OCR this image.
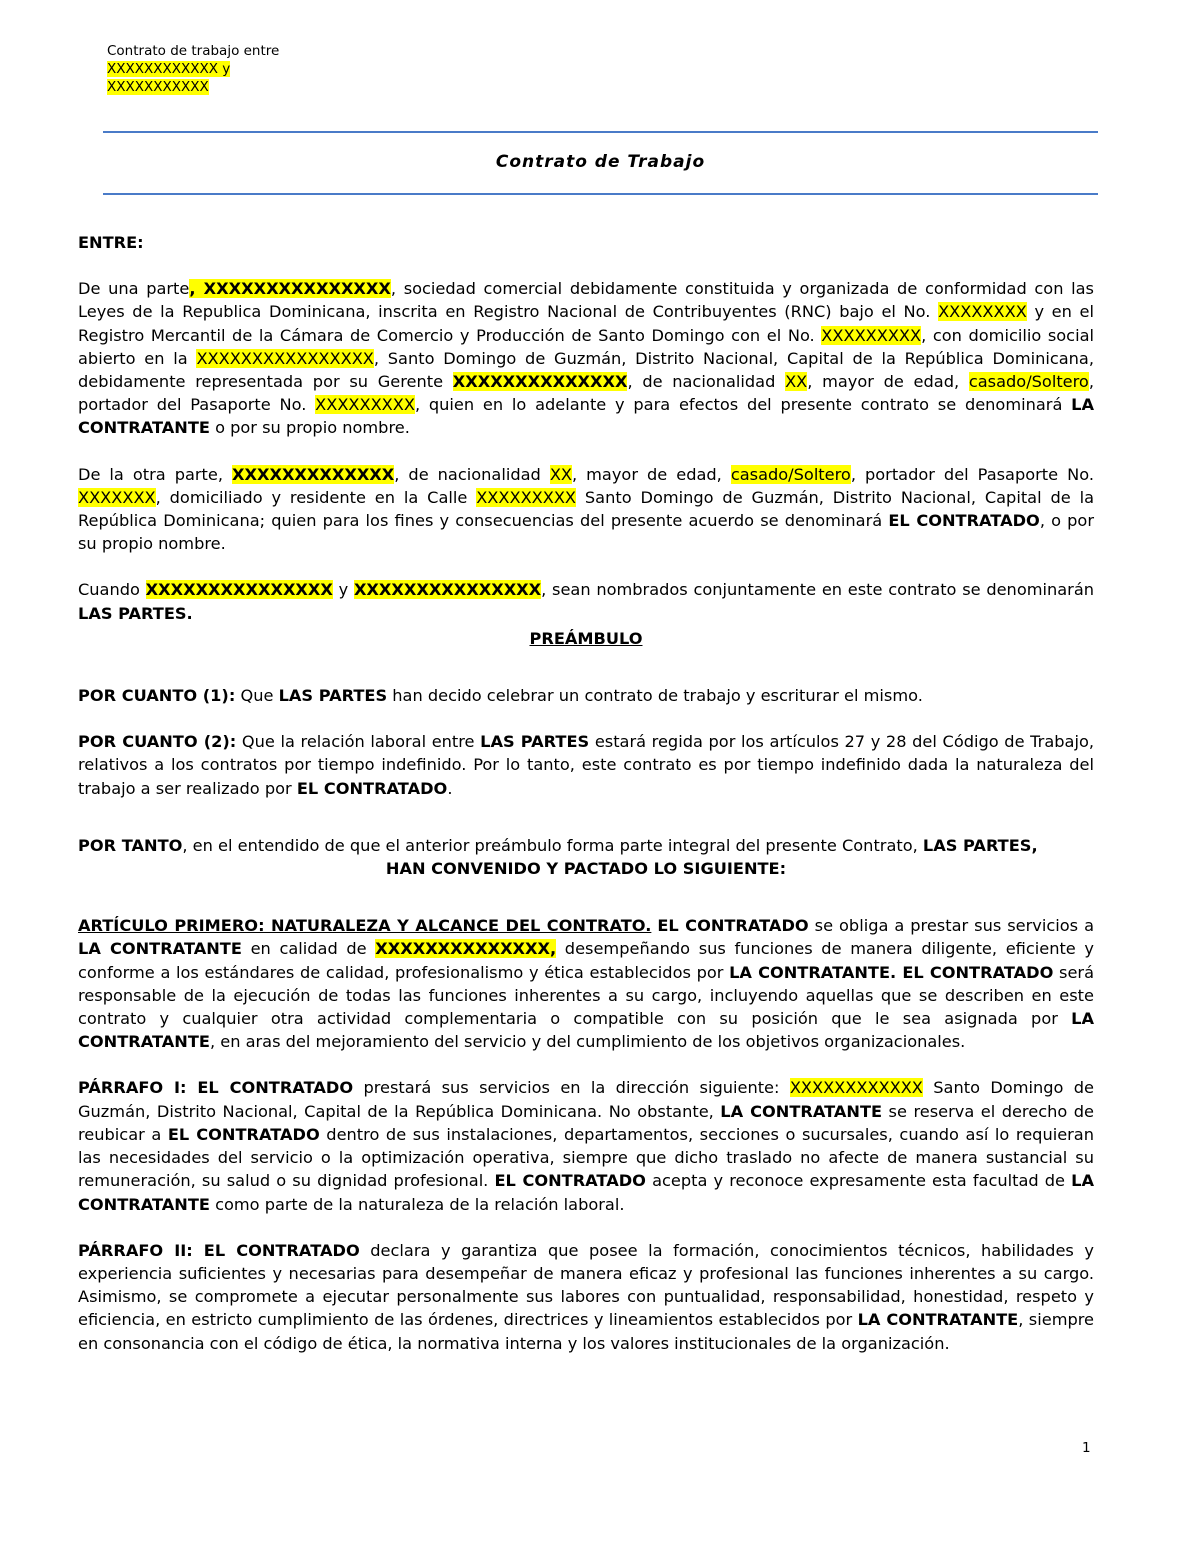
Contrato de trabajo entre
XXXXXXXXXXXX y
XXXXXXXXXXX
Contrato de Trabajo

ENTRE:

De una parte, XXXXXXXXXXXXXXX, sociedad comercial debidamente constituida y organizada de conformidad con las Leyes de la Republica Dominicana, inscrita en Registro Nacional de Contribuyentes (RNC) bajo el No. XXXXXXXX y en el Registro Mercantil de la Cámara de Comercio y Producción de Santo Domingo con el No. XXXXXXXXX, con domicilio social abierto en la XXXXXXXXXXXXXXXX, Santo Domingo de Guzmán, Distrito Nacional, Capital de la República Dominicana, debidamente representada por su Gerente XXXXXXXXXXXXXX, de nacionalidad XX, mayor de edad, casado/Soltero, portador del Pasaporte No. XXXXXXXXX, quien en lo adelante y para efectos del presente contrato se denominará LA CONTRATANTE o por su propio nombre.

De la otra parte, XXXXXXXXXXXXX, de nacionalidad XX, mayor de edad, casado/Soltero, portador del Pasaporte No. XXXXXXX, domiciliado y residente en la Calle XXXXXXXXX Santo Domingo de Guzmán, Distrito Nacional, Capital de la República Dominicana; quien para los fines y consecuencias del presente acuerdo se denominará EL CONTRATADO, o por su propio nombre.

Cuando XXXXXXXXXXXXXXX y XXXXXXXXXXXXXXX, sean nombrados conjuntamente en este contrato se denominarán LAS PARTES.

PREÁMBULO

POR CUANTO (1): Que LAS PARTES han decido celebrar un contrato de trabajo y escriturar el mismo.

POR CUANTO (2): Que la relación laboral entre LAS PARTES estará regida por los artículos 27 y 28 del Código de Trabajo, relativos a los contratos por tiempo indefinido. Por lo tanto, este contrato es por tiempo indefinido dada la naturaleza del trabajo a ser realizado por EL CONTRATADO.

POR TANTO, en el entendido de que el anterior preámbulo forma parte integral del presente Contrato, LAS PARTES,

HAN CONVENIDO Y PACTADO LO SIGUIENTE:

ARTÍCULO PRIMERO: NATURALEZA Y ALCANCE DEL CONTRATO. EL CONTRATADO se obliga a prestar sus servicios a LA CONTRATANTE en calidad de XXXXXXXXXXXXXX, desempeñando sus funciones de manera diligente, eficiente y conforme a los estándares de calidad, profesionalismo y ética establecidos por LA CONTRATANTE. EL CONTRATADO será responsable de la ejecución de todas las funciones inherentes a su cargo, incluyendo aquellas que se describen en este contrato y cualquier otra actividad complementaria o compatible con su posición que le sea asignada por LA CONTRATANTE, en aras del mejoramiento del servicio y del cumplimiento de los objetivos organizacionales.

PÁRRAFO I: EL CONTRATADO prestará sus servicios en la dirección siguiente: XXXXXXXXXXXX Santo Domingo de Guzmán, Distrito Nacional, Capital de la República Dominicana. No obstante, LA CONTRATANTE se reserva el derecho de reubicar a EL CONTRATADO dentro de sus instalaciones, departamentos, secciones o sucursales, cuando así lo requieran las necesidades del servicio o la optimización operativa, siempre que dicho traslado no afecte de manera sustancial su remuneración, su salud o su dignidad profesional. EL CONTRATADO acepta y reconoce expresamente esta facultad de LA CONTRATANTE como parte de la naturaleza de la relación laboral.

PÁRRAFO II: EL CONTRATADO declara y garantiza que posee la formación, conocimientos técnicos, habilidades y experiencia suficientes y necesarias para desempeñar de manera eficaz y profesional las funciones inherentes a su cargo. Asimismo, se compromete a ejecutar personalmente sus labores con puntualidad, responsabilidad, honestidad, respeto y eficiencia, en estricto cumplimiento de las órdenes, directrices y lineamientos establecidos por LA CONTRATANTE, siempre en consonancia con el código de ética, la normativa interna y los valores institucionales de la organización.

1
